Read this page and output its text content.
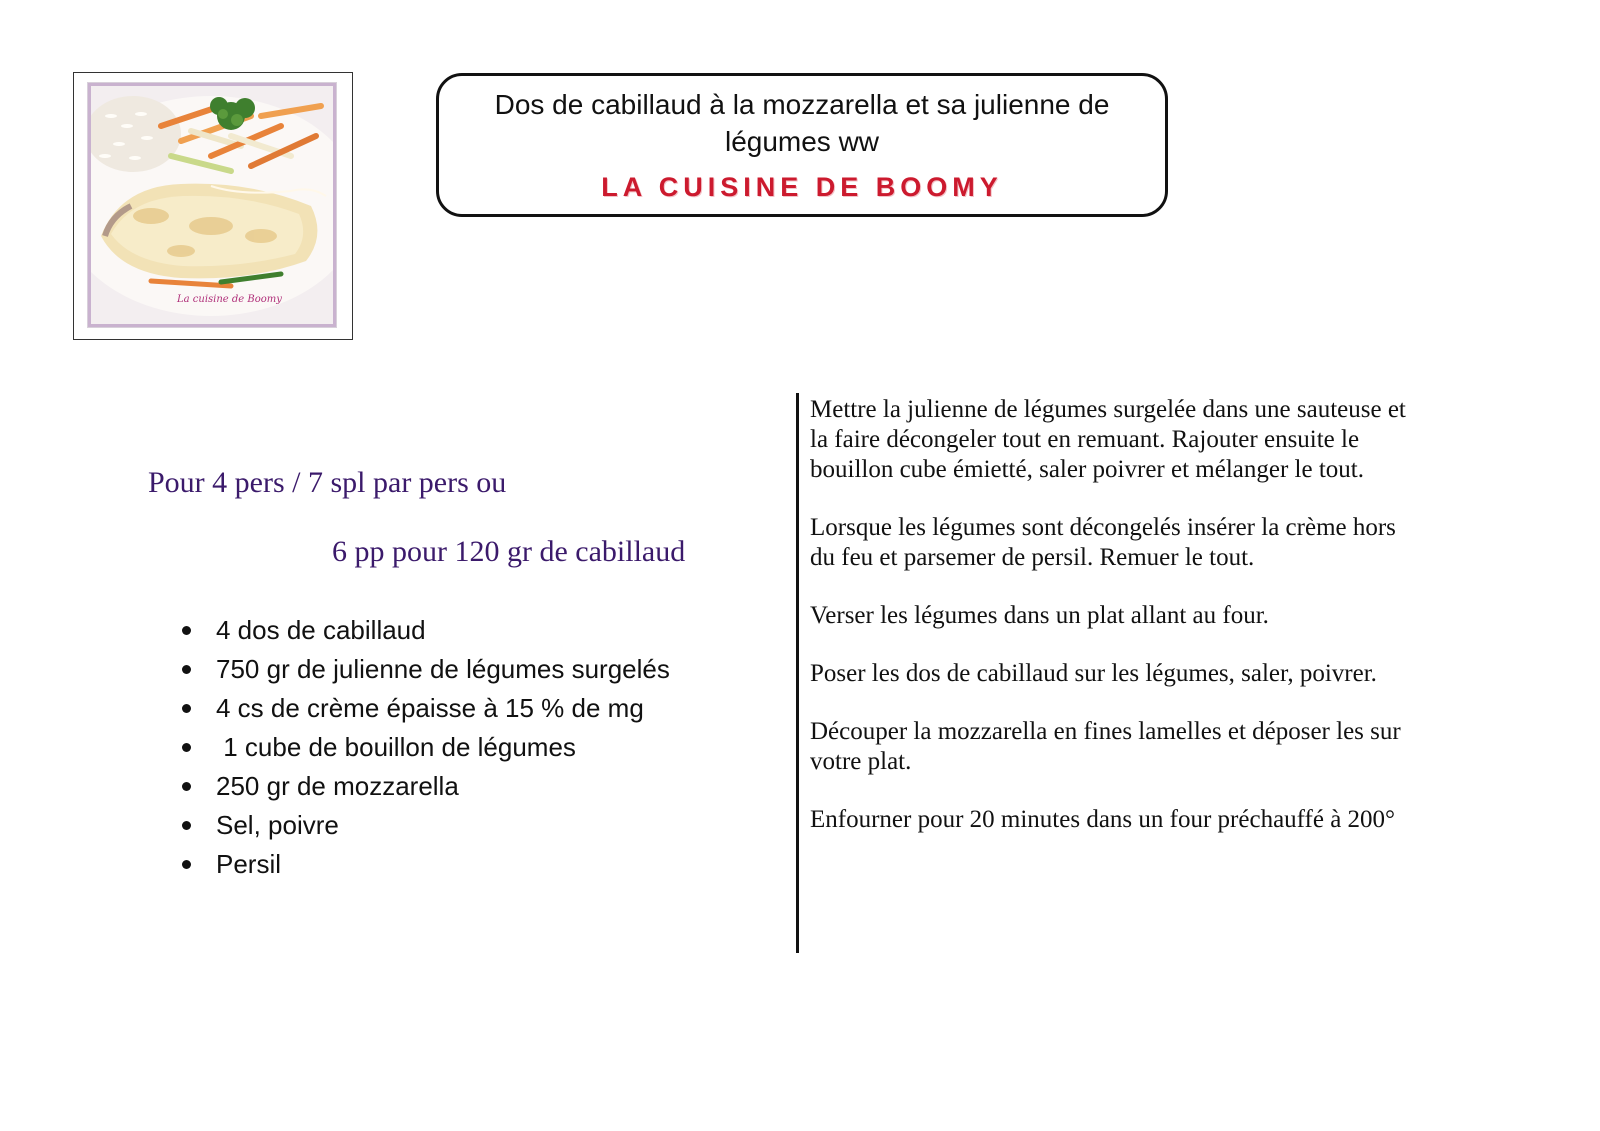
La cuisine de Boomy
Dos de cabillaud à la mozzarella et sa julienne de légumes ww
LA CUISINE DE BOOMY
Pour 4 pers / 7 spl par pers ou
6 pp pour 120 gr de cabillaud
4 dos de cabillaud
750 gr de julienne de légumes surgelés
4 cs de crème épaisse à 15 % de mg
1 cube de bouillon de légumes
250 gr de mozzarella
Sel, poivre
Persil

Mettre la julienne de légumes surgelée dans une sauteuse et la faire décongeler tout en remuant. Rajouter ensuite le bouillon cube émietté, saler poivrer et mélanger le tout.

Lorsque les légumes sont décongelés insérer la crème hors du feu et parsemer de persil. Remuer le tout.

Verser les légumes dans un plat allant au four.

Poser les dos de cabillaud sur les légumes, saler, poivrer.

Découper la mozzarella en fines lamelles et déposer les sur votre plat.

Enfourner pour 20 minutes dans un four préchauffé à 200°
